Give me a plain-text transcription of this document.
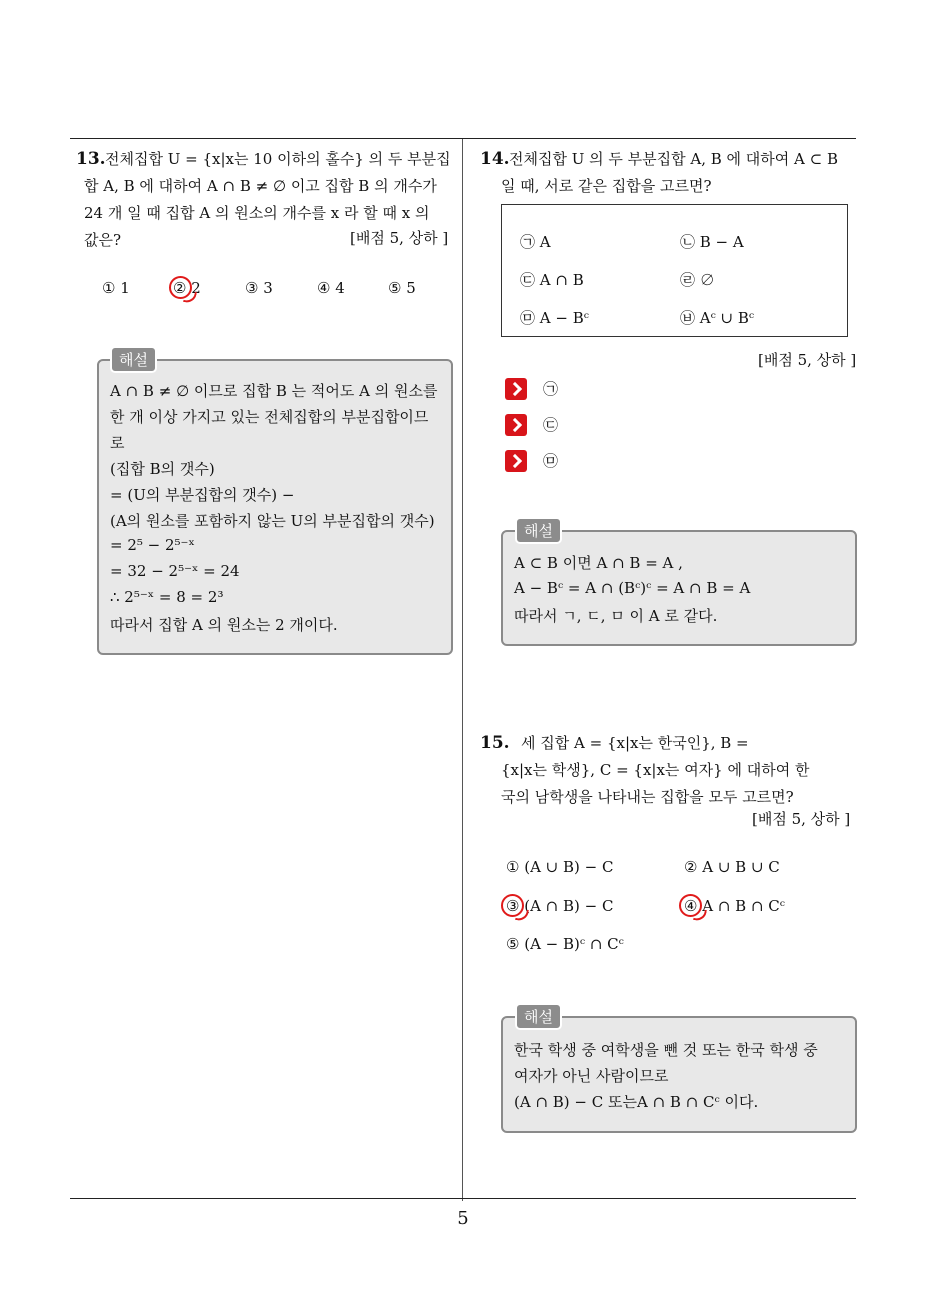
5
13. 전체집합 U = {x|x는 10 이하의 홀수} 의 두 부분집
합 A, B 에 대하여 A ∩ B ≠ ∅ 이고 집합 B 의 개수가
24 개 일 때 집합 A 의 원소의 개수를 x 라 할 때 x 의
값은?	[배점 5, 상하 ]
① 1	② 2	③ 3	④ 4	⑤ 5
해설
A ∩ B ≠ ∅ 이므로 집합 B 는 적어도 A 의 원소를
한 개 이상 가지고 있는 전체집합의 부분집합이므
로
(집합 B의 갯수)
= (U의 부분집합의 갯수) −
(A의 원소를 포함하지 않는 U의 부분집합의 갯수)
= 2⁵ − 2⁵⁻ˣ
= 32 − 2⁵⁻ˣ = 24
∴ 2⁵⁻ˣ = 8 = 2³
따라서 집합 A 의 원소는 2 개이다.
14. 전체집합 U 의 두 부분집합 A, B 에 대하여 A ⊂ B
일 때, 서로 같은 집합을 고르면?
㉠ A	㉡ B − A
㉢ A ∩ B	㉣ ∅
㉤ A − Bᶜ	㉥ Aᶜ ∪ Bᶜ
[배점 5, 상하 ]
㉠
㉢
㉤
해설
A ⊂ B 이면 A ∩ B = A ,
A − Bᶜ = A ∩ (Bᶜ)ᶜ = A ∩ B = A
따라서 ㄱ, ㄷ, ㅁ 이 A 로 같다.
15. 세 집합 A = {x|x는 한국인}, B =
{x|x는 학생}, C = {x|x는 여자} 에 대하여 한
국의 남학생을 나타내는 집합을 모두 고르면?
[배점 5, 상하 ]
① (A ∪ B) − C	② A ∪ B ∪ C
③ (A ∩ B) − C	④ A ∩ B ∩ Cᶜ
⑤ (A − B)ᶜ ∩ Cᶜ
해설
한국 학생 중 여학생을 뺀 것 또는 한국 학생 중
여자가 아닌 사람이므로
(A ∩ B) − C 또는A ∩ B ∩ Cᶜ 이다.
